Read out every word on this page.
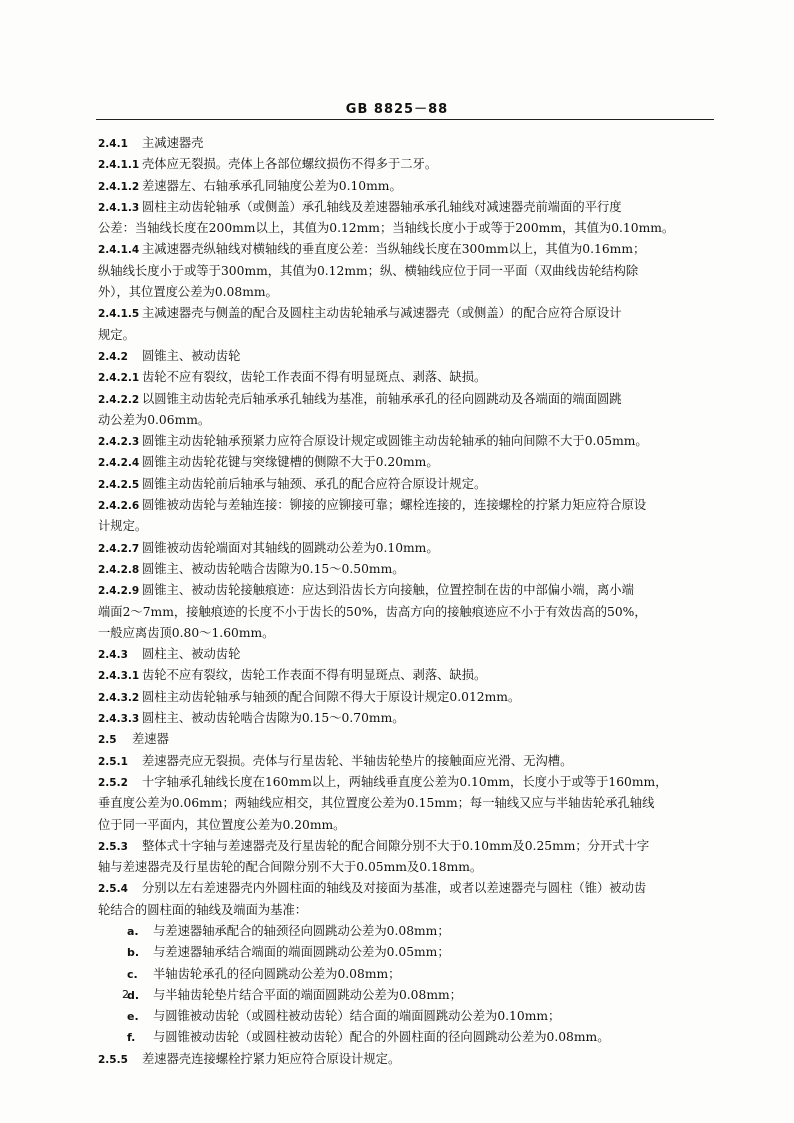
GB 8825－88
2.4.1 主减速器壳
2.4.1.1 壳体应无裂损。壳体上各部位螺纹损伤不得多于二牙。
2.4.1.2 差速器左、右轴承承孔同轴度公差为0.10mm。
2.4.1.3 圆柱主动齿轮轴承（或侧盖）承孔轴线及差速器轴承承孔轴线对减速器壳前端面的平行度
公差：当轴线长度在200mm以上，其值为0.12mm；当轴线长度小于或等于200mm，其值为0.10mm。
2.4.1.4 主减速器壳纵轴线对横轴线的垂直度公差：当纵轴线长度在300mm以上，其值为0.16mm；
纵轴线长度小于或等于300mm，其值为0.12mm；纵、横轴线应位于同一平面（双曲线齿轮结构除
外），其位置度公差为0.08mm。
2.4.1.5 主减速器壳与侧盖的配合及圆柱主动齿轮轴承与减速器壳（或侧盖）的配合应符合原设计
规定。
2.4.2 圆锥主、被动齿轮
2.4.2.1 齿轮不应有裂纹，齿轮工作表面不得有明显斑点、剥落、缺损。
2.4.2.2 以圆锥主动齿轮壳后轴承承孔轴线为基准，前轴承承孔的径向圆跳动及各端面的端面圆跳
动公差为0.06mm。
2.4.2.3 圆锥主动齿轮轴承预紧力应符合原设计规定或圆锥主动齿轮轴承的轴向间隙不大于0.05mm。
2.4.2.4 圆锥主动齿轮花键与突缘键槽的侧隙不大于0.20mm。
2.4.2.5 圆锥主动齿轮前后轴承与轴颈、承孔的配合应符合原设计规定。
2.4.2.6 圆锥被动齿轮与差轴连接：铆接的应铆接可靠；螺栓连接的，连接螺栓的拧紧力矩应符合原设
计规定。
2.4.2.7 圆锥被动齿轮端面对其轴线的圆跳动公差为0.10mm。
2.4.2.8 圆锥主、被动齿轮啮合齿隙为0.15～0.50mm。
2.4.2.9 圆锥主、被动齿轮接触痕迹：应达到沿齿长方向接触，位置控制在齿的中部偏小端，离小端
端面2～7mm，接触痕迹的长度不小于齿长的50%，齿高方向的接触痕迹应不小于有效齿高的50%，
一般应离齿顶0.80～1.60mm。
2.4.3 圆柱主、被动齿轮
2.4.3.1 齿轮不应有裂纹，齿轮工作表面不得有明显斑点、剥落、缺损。
2.4.3.2 圆柱主动齿轮轴承与轴颈的配合间隙不得大于原设计规定0.012mm。
2.4.3.3 圆柱主、被动齿轮啮合齿隙为0.15～0.70mm。
2.5 差速器
2.5.1 差速器壳应无裂损。壳体与行星齿轮、半轴齿轮垫片的接触面应光滑、无沟槽。
2.5.2 十字轴承孔轴线长度在160mm以上，两轴线垂直度公差为0.10mm，长度小于或等于160mm，
垂直度公差为0.06mm；两轴线应相交，其位置度公差为0.15mm；每一轴线又应与半轴齿轮承孔轴线
位于同一平面内，其位置度公差为0.20mm。
2.5.3 整体式十字轴与差速器壳及行星齿轮的配合间隙分别不大于0.10mm及0.25mm；分开式十字
轴与差速器壳及行星齿轮的配合间隙分别不大于0.05mm及0.18mm。
2.5.4 分别以左右差速器壳内外圆柱面的轴线及对接面为基准，或者以差速器壳与圆柱（锥）被动齿
轮结合的圆柱面的轴线及端面为基准：
a. 与差速器轴承配合的轴颈径向圆跳动公差为0.08mm；
b. 与差速器轴承结合端面的端面圆跳动公差为0.05mm；
c. 半轴齿轮承孔的径向圆跳动公差为0.08mm；
d. 与半轴齿轮垫片结合平面的端面圆跳动公差为0.08mm；
e. 与圆锥被动齿轮（或圆柱被动齿轮）结合面的端面圆跳动公差为0.10mm；
f. 与圆锥被动齿轮（或圆柱被动齿轮）配合的外圆柱面的径向圆跳动公差为0.08mm。
2.5.5 差速器壳连接螺栓拧紧力矩应符合原设计规定。
2
